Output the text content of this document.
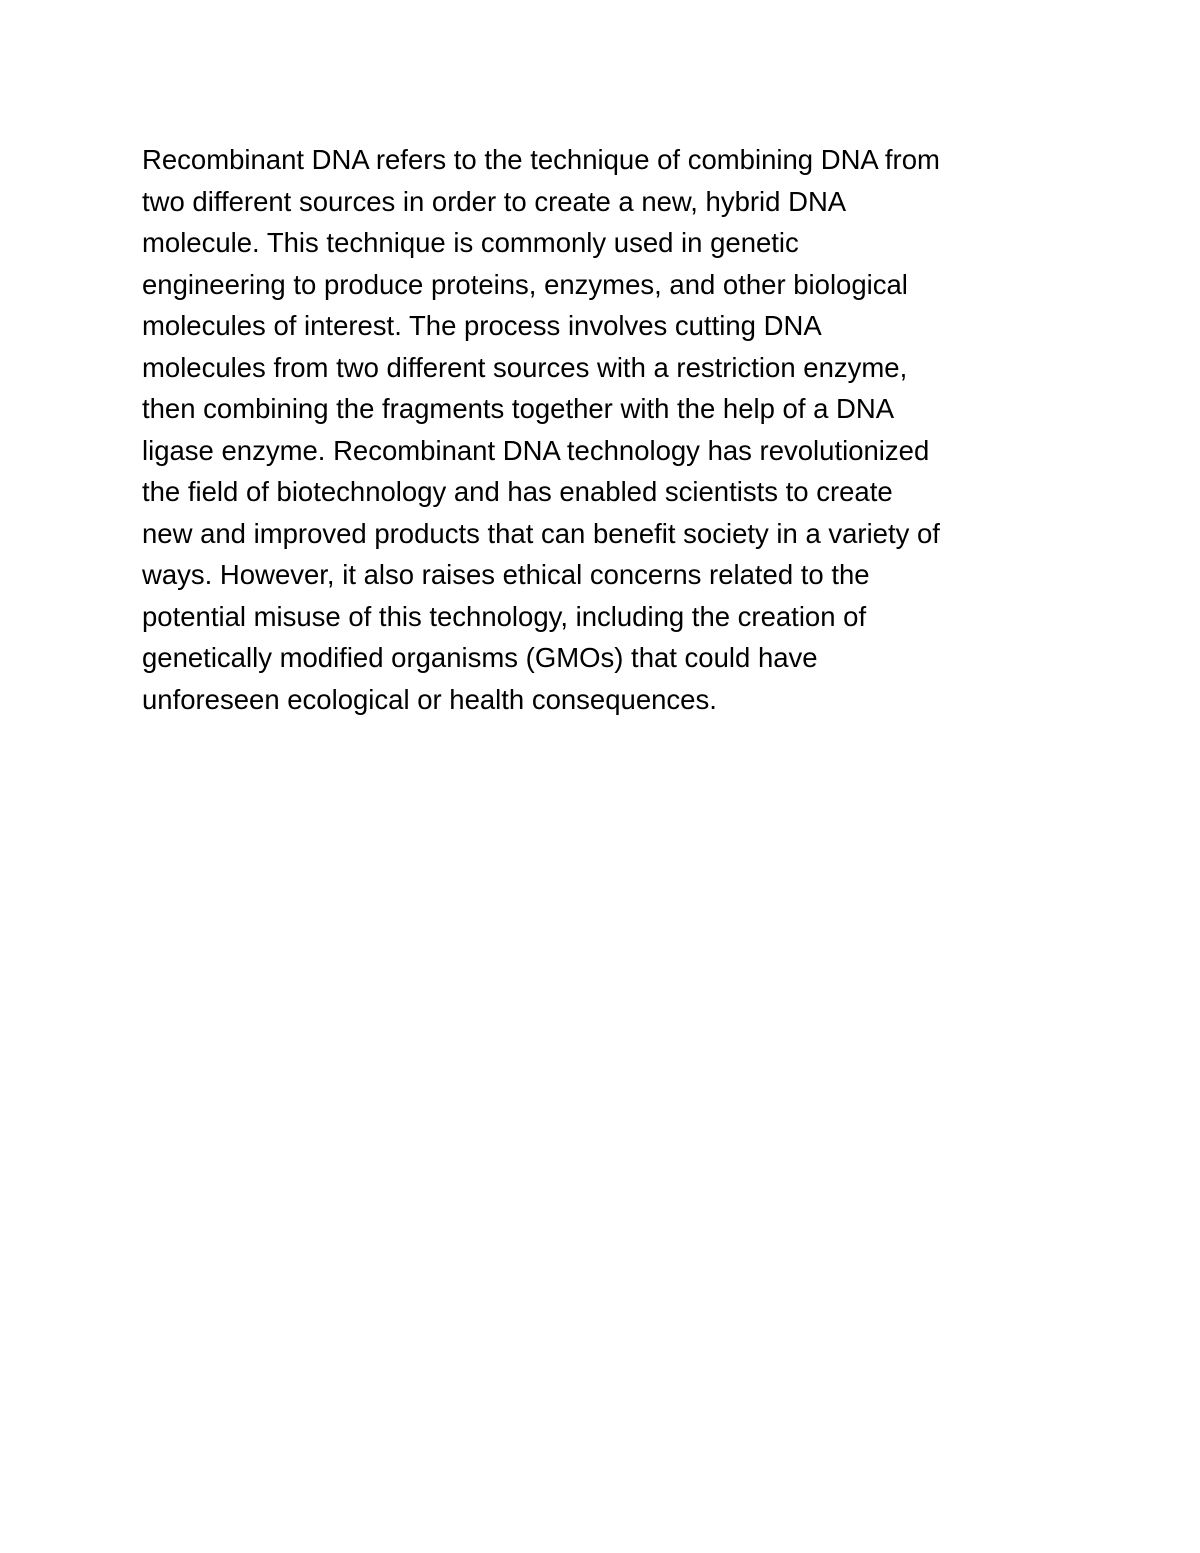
Recombinant DNA refers to the technique of combining DNA from
two different sources in order to create a new, hybrid DNA
molecule. This technique is commonly used in genetic
engineering to produce proteins, enzymes, and other biological
molecules of interest. The process involves cutting DNA
molecules from two different sources with a restriction enzyme,
then combining the fragments together with the help of a DNA
ligase enzyme. Recombinant DNA technology has revolutionized
the field of biotechnology and has enabled scientists to create
new and improved products that can benefit society in a variety of
ways. However, it also raises ethical concerns related to the
potential misuse of this technology, including the creation of
genetically modified organisms (GMOs) that could have
unforeseen ecological or health consequences.
